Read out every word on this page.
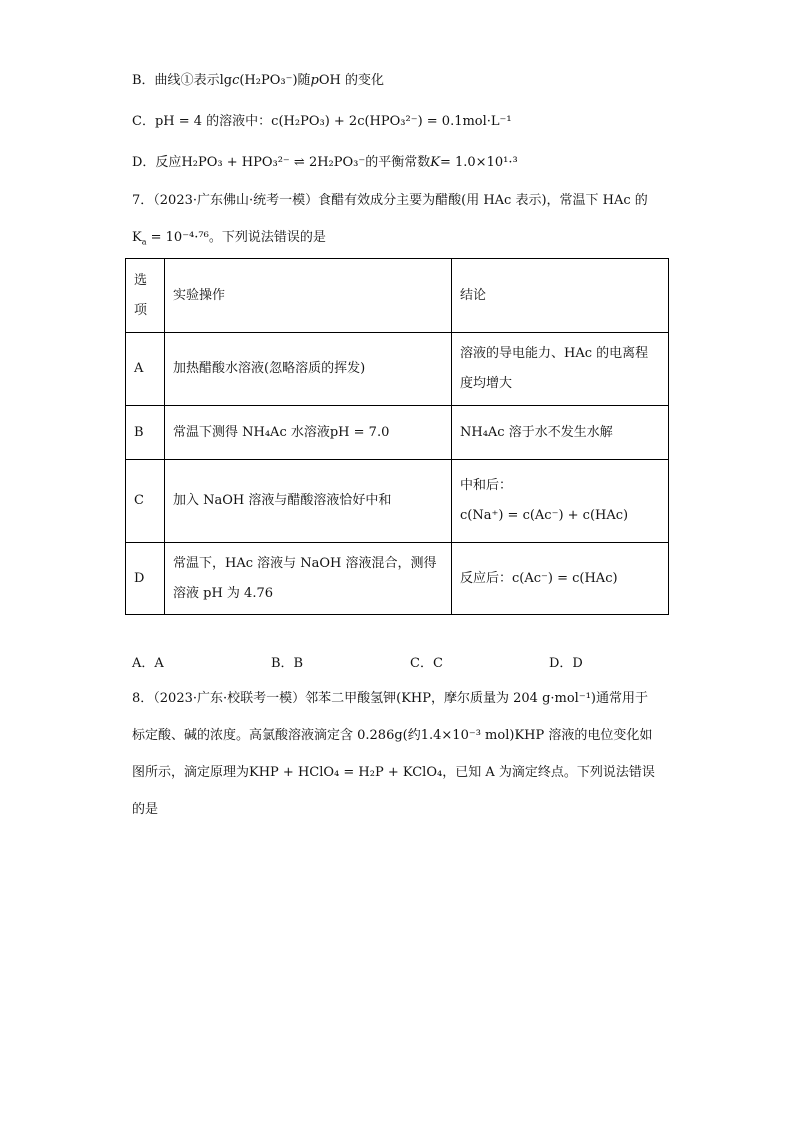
B．曲线①表示lgc(H₂PO₃⁻)随pOH 的变化
C．pH = 4 的溶液中：c(H₂PO₃) + 2c(HPO₃²⁻) = 0.1mol·L⁻¹
D．反应H₂PO₃ + HPO₃²⁻ ⇌ 2H₂PO₃⁻的平衡常数K= 1.0×10¹·³
7．（2023·广东佛山·统考一模）食醋有效成分主要为醋酸(用 HAc 表示)，常温下 HAc 的
$K_a = 10^{-4}\cdot^{76}$。下列说法错误的是
选
项	实验操作	结论
A	加热醋酸水溶液(忽略溶质的挥发)	溶液的导电能力、HAc 的电离程
度均增大

B	常温下测得 NH₄Ac 水溶液pH = 7.0	NH₄Ac 溶于水不发生水解
C	加入 NaOH 溶液与醋酸溶液恰好中和	中和后：
c(Na⁺) = c(Ac⁻) + c(HAc)

D	常温下，HAc 溶液与 NaOH 溶液混合，测得
溶液 pH 为 4.76	反应后：c(Ac⁻) = c(HAc)
A．A	B．B	C．C	D．D
8．（2023·广东·校联考一模）邻苯二甲酸氢钾(KHP，摩尔质量为 204 g·mol⁻¹)通常用于
标定酸、碱的浓度。高氯酸溶液滴定含 0.286g(约1.4×10⁻³ mol)KHP 溶液的电位变化如
图所示，滴定原理为KHP + HClO₄ = H₂P + KClO₄，已知 A 为滴定终点。下列说法错误
的是
